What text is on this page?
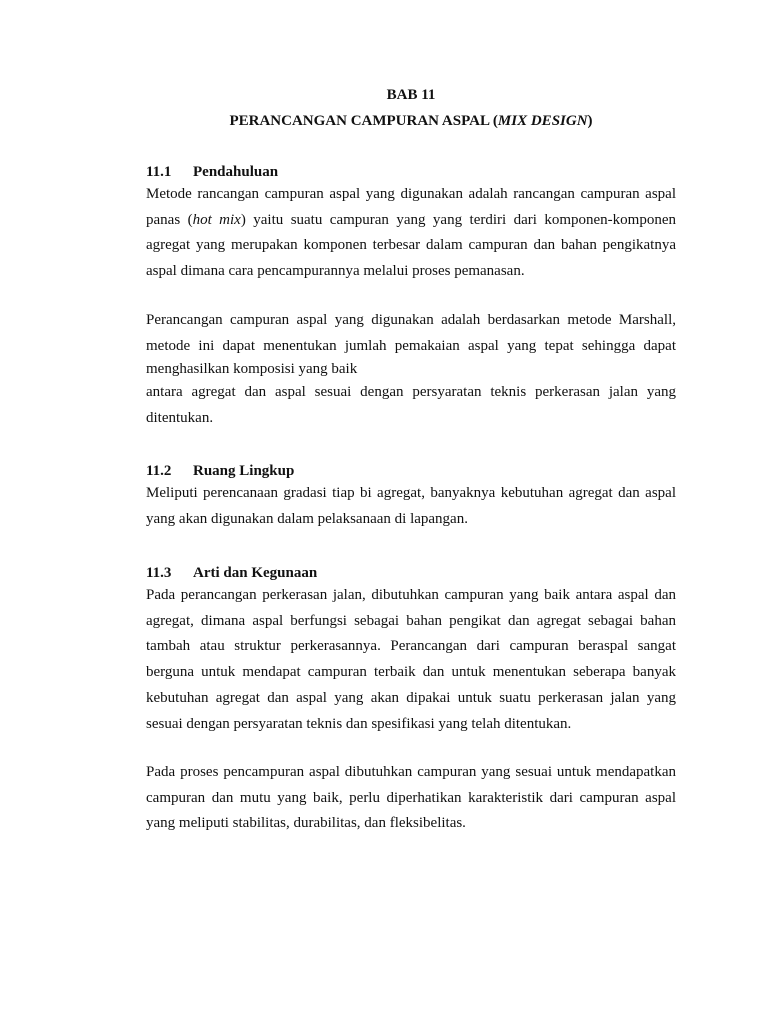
BAB 11

PERANCANGAN CAMPURAN ASPAL (MIX DESIGN)

11.1 Pendahuluan

Metode rancangan campuran aspal yang digunakan adalah rancangan campuran aspal
panas (hot mix) yaitu suatu campuran yang yang terdiri dari komponen-komponen
agregat yang merupakan komponen terbesar dalam campuran dan bahan pengikatnya
aspal dimana cara pencampurannya melalui proses pemanasan.
Perancangan campuran aspal yang digunakan adalah berdasarkan metode Marshall,
metode ini dapat menentukan jumlah pemakaian aspal yang tepat sehingga dapat
menghasilkan komposisi yang baik
antara agregat dan aspal sesuai dengan persyaratan teknis perkerasan jalan yang
ditentukan.

11.2 Ruang Lingkup

Meliputi perencanaan gradasi tiap bi agregat, banyaknya kebutuhan agregat dan aspal
yang akan digunakan dalam pelaksanaan di lapangan.

11.3 Arti dan Kegunaan

Pada perancangan perkerasan jalan, dibutuhkan campuran yang baik antara aspal dan
agregat, dimana aspal berfungsi sebagai bahan pengikat dan agregat sebagai bahan
tambah atau struktur perkerasannya. Perancangan dari campuran beraspal sangat
berguna untuk mendapat campuran terbaik dan untuk menentukan seberapa banyak
kebutuhan agregat dan aspal yang akan dipakai untuk suatu perkerasan jalan yang
sesuai dengan persyaratan teknis dan spesifikasi yang telah ditentukan.
Pada proses pencampuran aspal dibutuhkan campuran yang sesuai untuk mendapatkan
campuran dan mutu yang baik, perlu diperhatikan karakteristik dari campuran aspal
yang meliputi stabilitas, durabilitas, dan fleksibelitas.
